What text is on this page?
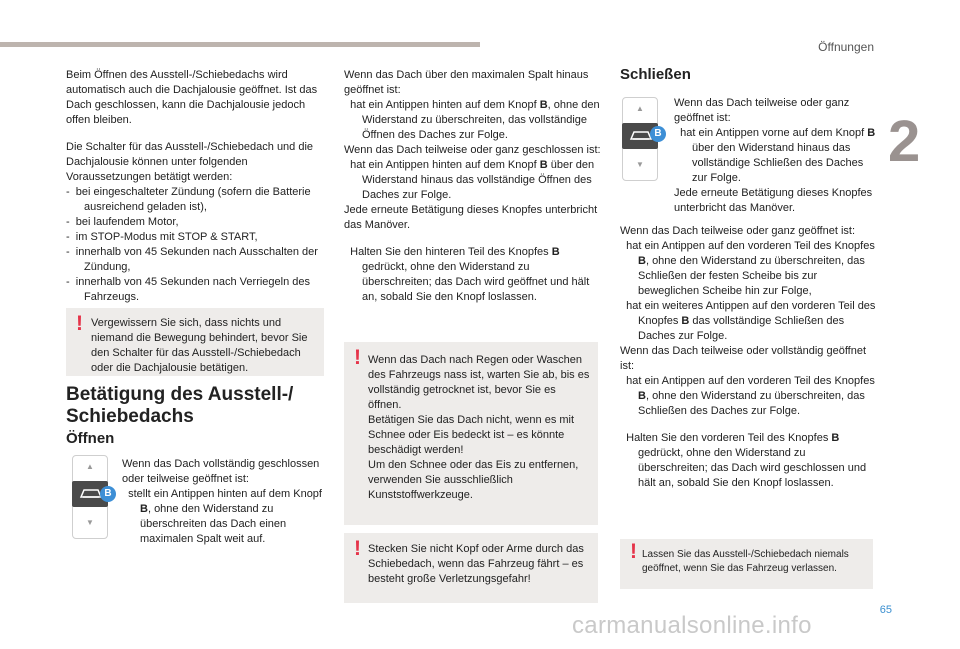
Öffnungen
2

Beim Öffnen des Ausstell-/Schiebedachs wird automatisch auch die Dachjalousie geöffnet. Ist das Dach geschlossen, kann die Dachjalousie jedoch offen bleiben.

Die Schalter für das Ausstell-/Schiebedach und die Dachjalousie können unter folgenden Voraussetzungen betätigt werden:

-  bei eingeschalteter Zündung (sofern die Batterie ausreichend geladen ist),

-  bei laufendem Motor,

-  im STOP-Modus mit STOP & START,

-  innerhalb von 45 Sekunden nach Ausschalten der Zündung,

-  innerhalb von 45 Sekunden nach Verriegeln des Fahrzeugs.

! Vergewissern Sie sich, dass nichts und niemand die Bewegung behindert, bevor Sie den Schalter für das Ausstell-/Schiebedach oder die Dachjalousie betätigen.

Betätigung des Ausstell-/ Schiebedachs
Öffnen
▲
▼
B

Wenn das Dach vollständig geschlossen oder teilweise geöffnet ist:

stellt ein Antippen hinten auf dem Knopf B, ohne den Widerstand zu überschreiten das Dach einen maximalen Spalt weit auf.

Wenn das Dach über den maximalen Spalt hinaus geöffnet ist:

hat ein Antippen hinten auf dem Knopf B, ohne den Widerstand zu überschreiten, das vollständige Öffnen des Daches zur Folge.

Wenn das Dach teilweise oder ganz geschlossen ist:

hat ein Antippen hinten auf dem Knopf B über den Widerstand hinaus das vollständige Öffnen des Daches zur Folge.

Jede erneute Betätigung dieses Knopfes unterbricht das Manöver.

Halten Sie den hinteren Teil des Knopfes B gedrückt, ohne den Widerstand zu überschreiten; das Dach wird geöffnet und hält an, sobald Sie den Knopf loslassen.

! Wenn das Dach nach Regen oder Waschen des Fahrzeugs nass ist, warten Sie ab, bis es vollständig getrocknet ist, bevor Sie es öffnen.

Betätigen Sie das Dach nicht, wenn es mit Schnee oder Eis bedeckt ist – es könnte beschädigt werden!

Um den Schnee oder das Eis zu entfernen, verwenden Sie ausschließlich Kunststoffwerkzeuge.

! Stecken Sie nicht Kopf oder Arme durch das Schiebedach, wenn das Fahrzeug fährt – es besteht große Verletzungsgefahr!

Schließen
▲
▼
B

Wenn das Dach teilweise oder ganz geöffnet ist:

hat ein Antippen vorne auf dem Knopf B über den Widerstand hinaus das vollständige Schließen des Daches zur Folge.

Jede erneute Betätigung dieses Knopfes unterbricht das Manöver.

Wenn das Dach teilweise oder ganz geöffnet ist:

hat ein Antippen auf den vorderen Teil des Knopfes B, ohne den Widerstand zu überschreiten, das Schließen der festen Scheibe bis zur beweglichen Scheibe hin zur Folge,

hat ein weiteres Antippen auf den vorderen Teil des Knopfes B das vollständige Schließen des Daches zur Folge.

Wenn das Dach teilweise oder vollständig geöffnet ist:

hat ein Antippen auf den vorderen Teil des Knopfes B, ohne den Widerstand zu überschreiten, das Schließen des Daches zur Folge.

Halten Sie den vorderen Teil des Knopfes B gedrückt, ohne den Widerstand zu überschreiten; das Dach wird geschlossen und hält an, sobald Sie den Knopf loslassen.

! Lassen Sie das Ausstell-/Schiebedach niemals geöffnet, wenn Sie das Fahrzeug verlassen.

65
carmanualsonline.info
